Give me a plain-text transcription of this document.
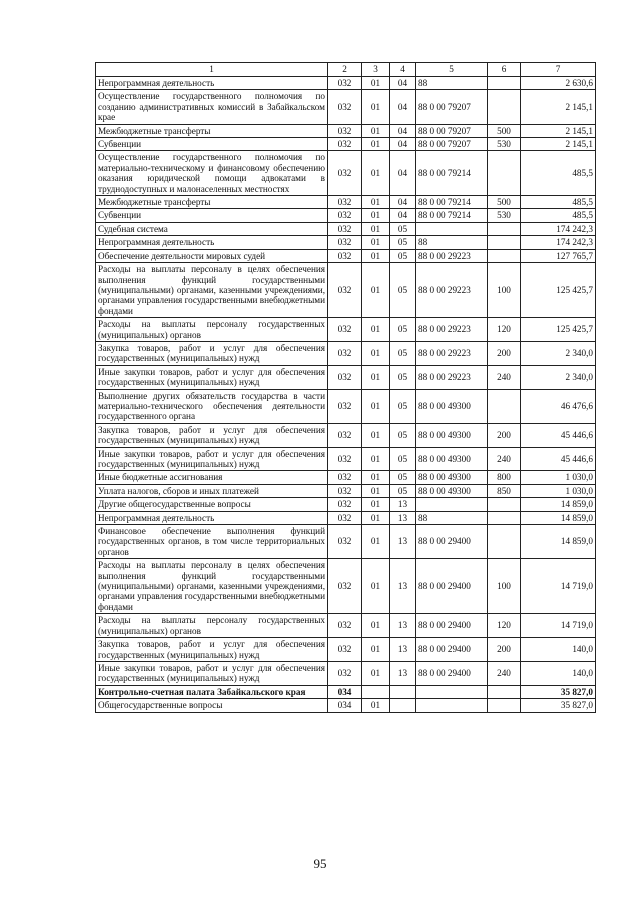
1	2	3	4	5	6	7
Непрограммная деятельность	032	01	04	88		2 630,6
Осуществление государственного полномочия по созданию административных комиссий в Забайкальском крае	032	01	04	88 0 00 79207		2 145,1
Межбюджетные трансферты	032	01	04	88 0 00 79207	500	2 145,1
Субвенции	032	01	04	88 0 00 79207	530	2 145,1
Осуществление государственного полномочия по материально-техническому и финансовому обеспечению оказания юридической помощи адвокатами в труднодоступных и малонаселенных местностях	032	01	04	88 0 00 79214		485,5
Межбюджетные трансферты	032	01	04	88 0 00 79214	500	485,5
Субвенции	032	01	04	88 0 00 79214	530	485,5
Судебная система	032	01	05			174 242,3
Непрограммная деятельность	032	01	05	88		174 242,3
Обеспечение деятельности мировых судей	032	01	05	88 0 00 29223		127 765,7
Расходы на выплаты персоналу в целях обеспечения выполнения функций государственными (муниципальными) органами, казенными учреждениями, органами управления государственными внебюджетными фондами	032	01	05	88 0 00 29223	100	125 425,7
Расходы на выплаты персоналу государственных (муниципальных) органов	032	01	05	88 0 00 29223	120	125 425,7
Закупка товаров, работ и услуг для обеспечения государственных (муниципальных) нужд	032	01	05	88 0 00 29223	200	2 340,0
Иные закупки товаров, работ и услуг для обеспечения государственных (муниципальных) нужд	032	01	05	88 0 00 29223	240	2 340,0
Выполнение других обязательств государства в части материально-технического обеспечения деятельности государственного органа	032	01	05	88 0 00 49300		46 476,6
Закупка товаров, работ и услуг для обеспечения государственных (муниципальных) нужд	032	01	05	88 0 00 49300	200	45 446,6
Иные закупки товаров, работ и услуг для обеспечения государственных (муниципальных) нужд	032	01	05	88 0 00 49300	240	45 446,6
Иные бюджетные ассигнования	032	01	05	88 0 00 49300	800	1 030,0
Уплата налогов, сборов и иных платежей	032	01	05	88 0 00 49300	850	1 030,0
Другие общегосударственные вопросы	032	01	13			14 859,0
Непрограммная деятельность	032	01	13	88		14 859,0
Финансовое обеспечение выполнения функций государственных органов, в том числе территориальных органов	032	01	13	88 0 00 29400		14 859,0
Расходы на выплаты персоналу в целях обеспечения выполнения функций государственными (муниципальными) органами, казенными учреждениями, органами управления государственными внебюджетными фондами	032	01	13	88 0 00 29400	100	14 719,0
Расходы на выплаты персоналу государственных (муниципальных) органов	032	01	13	88 0 00 29400	120	14 719,0
Закупка товаров, работ и услуг для обеспечения государственных (муниципальных) нужд	032	01	13	88 0 00 29400	200	140,0
Иные закупки товаров, работ и услуг для обеспечения государственных (муниципальных) нужд	032	01	13	88 0 00 29400	240	140,0
Контрольно-счетная палата Забайкальского края	034					35 827,0
Общегосударственные вопросы	034	01				35 827,0
95
